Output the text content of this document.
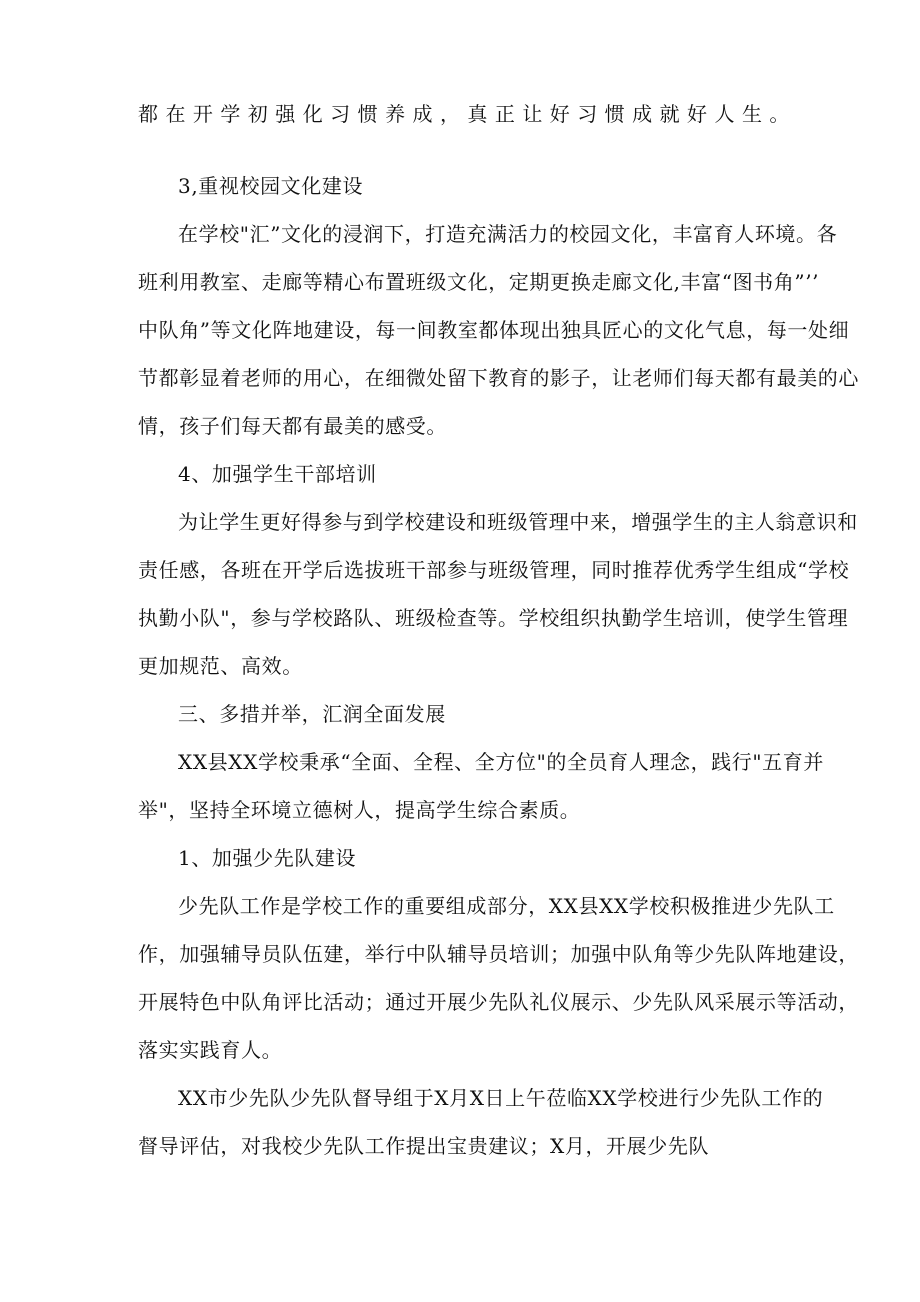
都在开学初强化习惯养成，真正让好习惯成就好人生。
3,重视校园文化建设
在学校"汇”文化的浸润下，打造充满活力的校园文化，丰富育人环境。各
班利用教室、走廊等精心布置班级文化，定期更换走廊文化,丰富“图书角”’’
中队角”等文化阵地建设，每一间教室都体现出独具匠心的文化气息，每一处细
节都彰显着老师的用心，在细微处留下教育的影子，让老师们每天都有最美的心
情，孩子们每天都有最美的感受。
4、加强学生干部培训
为让学生更好得参与到学校建设和班级管理中来，增强学生的主人翁意识和
责任感，各班在开学后选拔班干部参与班级管理，同时推荐优秀学生组成“学校
执勤小队"，参与学校路队、班级检查等。学校组织执勤学生培训，使学生管理
更加规范、高效。
三、多措并举，汇润全面发展
XX县XX学校秉承“全面、全程、全方位"的全员育人理念，践行"五育并
举"，坚持全环境立德树人，提高学生综合素质。
1、加强少先队建设
少先队工作是学校工作的重要组成部分，XX县XX学校积极推进少先队工
作，加强辅导员队伍建，举行中队辅导员培训；加强中队角等少先队阵地建设，
开展特色中队角评比活动；通过开展少先队礼仪展示、少先队风采展示等活动，
落实实践育人。
XX市少先队少先队督导组于X月X日上午莅临XX学校进行少先队工作的
督导评估，对我校少先队工作提出宝贵建议；X月，开展少先队
